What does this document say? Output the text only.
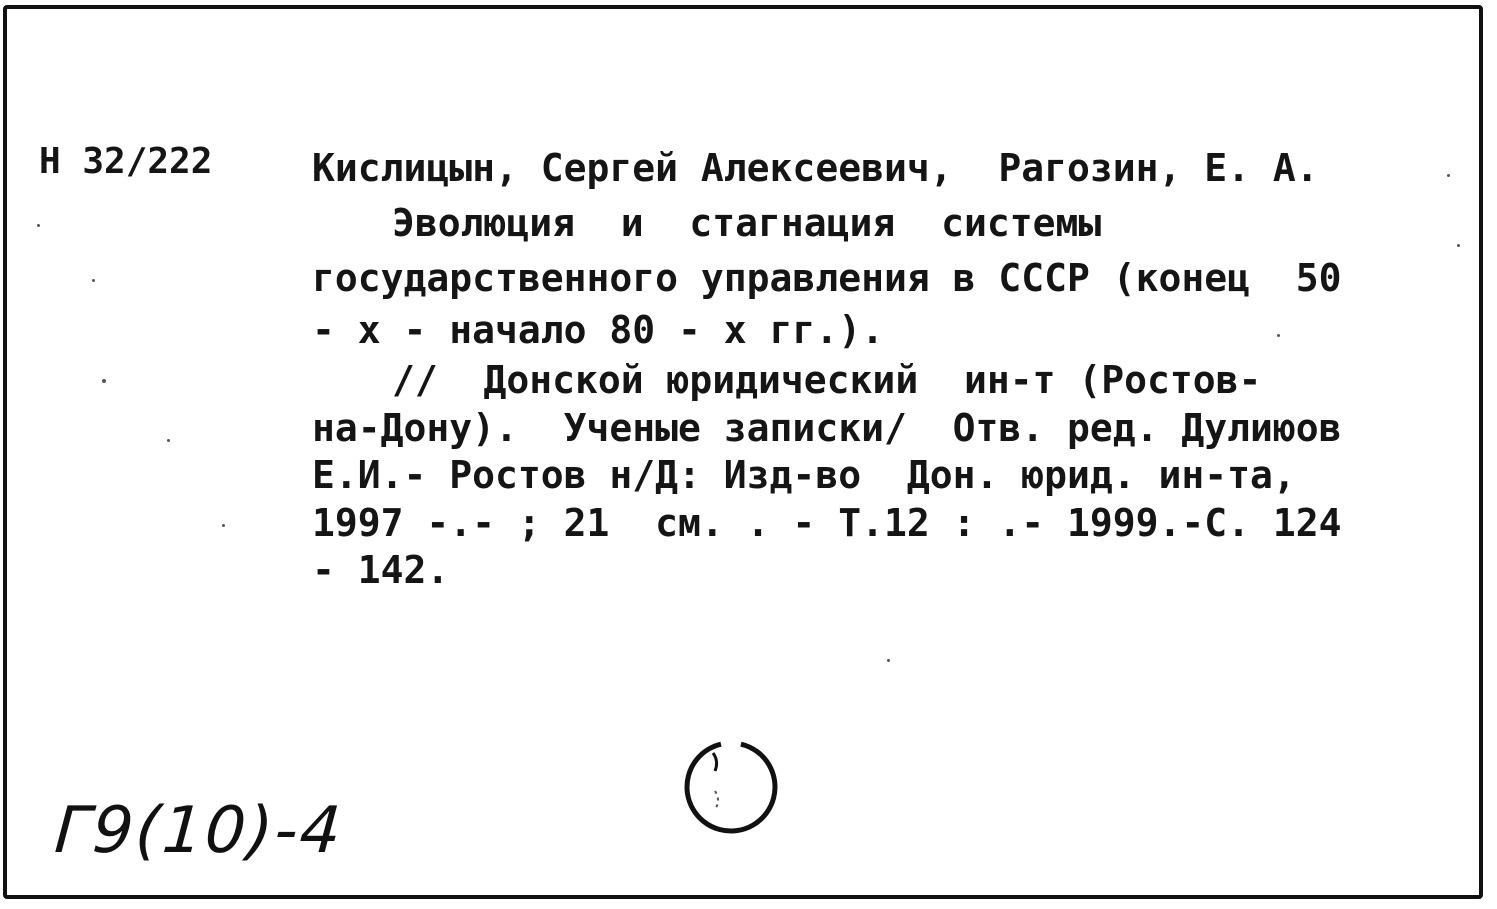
Н 32/222	Кислицын, Сергей Алексеевич,  Рагозин, Е. А.
Эволюция  и  стагнация  системы
государственного управления в СССР (конец  50
- х - начало 80 - х гг.).
//  Донской юридический  ин-т (Ростов-
на-Дону).  Ученые записки/  Отв. ред. Дулиюов
Е.И.- Ростов н/Д: Изд-во  Дон. юрид. ин-та,
1997 -.- ; 21  см. . - Т.12 : .- 1999.-С. 124
- 142.
Г9(10)-4
